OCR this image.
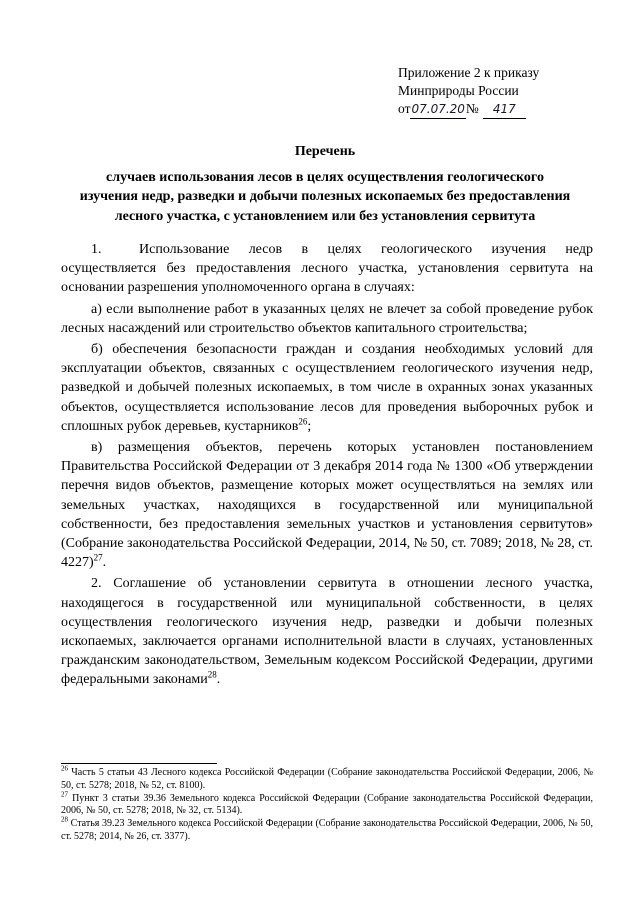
Приложение 2 к приказу
Минприроды России
от07.07.20№ 417
Перечень
случаев использования лесов в целях осуществления геологического
изучения недр, разведки и добычи полезных ископаемых без предоставления
лесного участка, с установлением или без установления сервитута

1.	Использование лесов в целях геологического изучения недр осуществляется без предоставления лесного участка, установления сервитута на основании разрешения уполномоченного органа в случаях:

а) если выполнение работ в указанных целях не влечет за собой проведение рубок лесных насаждений или строительство объектов капитального строительства;

б) обеспечения безопасности граждан и создания необходимых условий для эксплуатации объектов, связанных с осуществлением геологического изучения недр, разведкой и добычей полезных ископаемых, в том числе в охранных зонах указанных объектов, осуществляется использование лесов для проведения выборочных рубок и сплошных рубок деревьев, кустарников$^{26}$;

в) размещения объектов, перечень которых установлен постановлением Правительства Российской Федерации от 3 декабря 2014 года № 1300 «Об утверждении перечня видов объектов, размещение которых может осуществляться на землях или земельных участках, находящихся в государственной или муниципальной собственности, без предоставления земельных участков и установления сервитутов» (Собрание законодательства Российской Федерации, 2014, № 50, ст. 7089; 2018, № 28, ст. 4227)$^{27}$.

2. Соглашение об установлении сервитута в отношении лесного участка, находящегося в государственной или муниципальной собственности, в целях осуществления геологического изучения недр, разведки и добычи полезных ископаемых, заключается органами исполнительной власти в случаях, установленных гражданским законодательством, Земельным кодексом Российской Федерации, другими федеральными законами$^{28}$.

$^{26}$ Часть 5 статьи 43 Лесного кодекса Российской Федерации (Собрание законодательства Российской Федерации, 2006, № 50, ст. 5278; 2018, № 52, ст. 8100).

$^{27}$ Пункт 3 статьи 39.36 Земельного кодекса Российской Федерации (Собрание законодательства Российской Федерации, 2006, № 50, ст. 5278; 2018, № 32, ст. 5134).

$^{28}$ Статья 39.23 Земельного кодекса Российской Федерации (Собрание законодательства Российской Федерации, 2006, № 50, ст. 5278; 2014, № 26, ст. 3377).
